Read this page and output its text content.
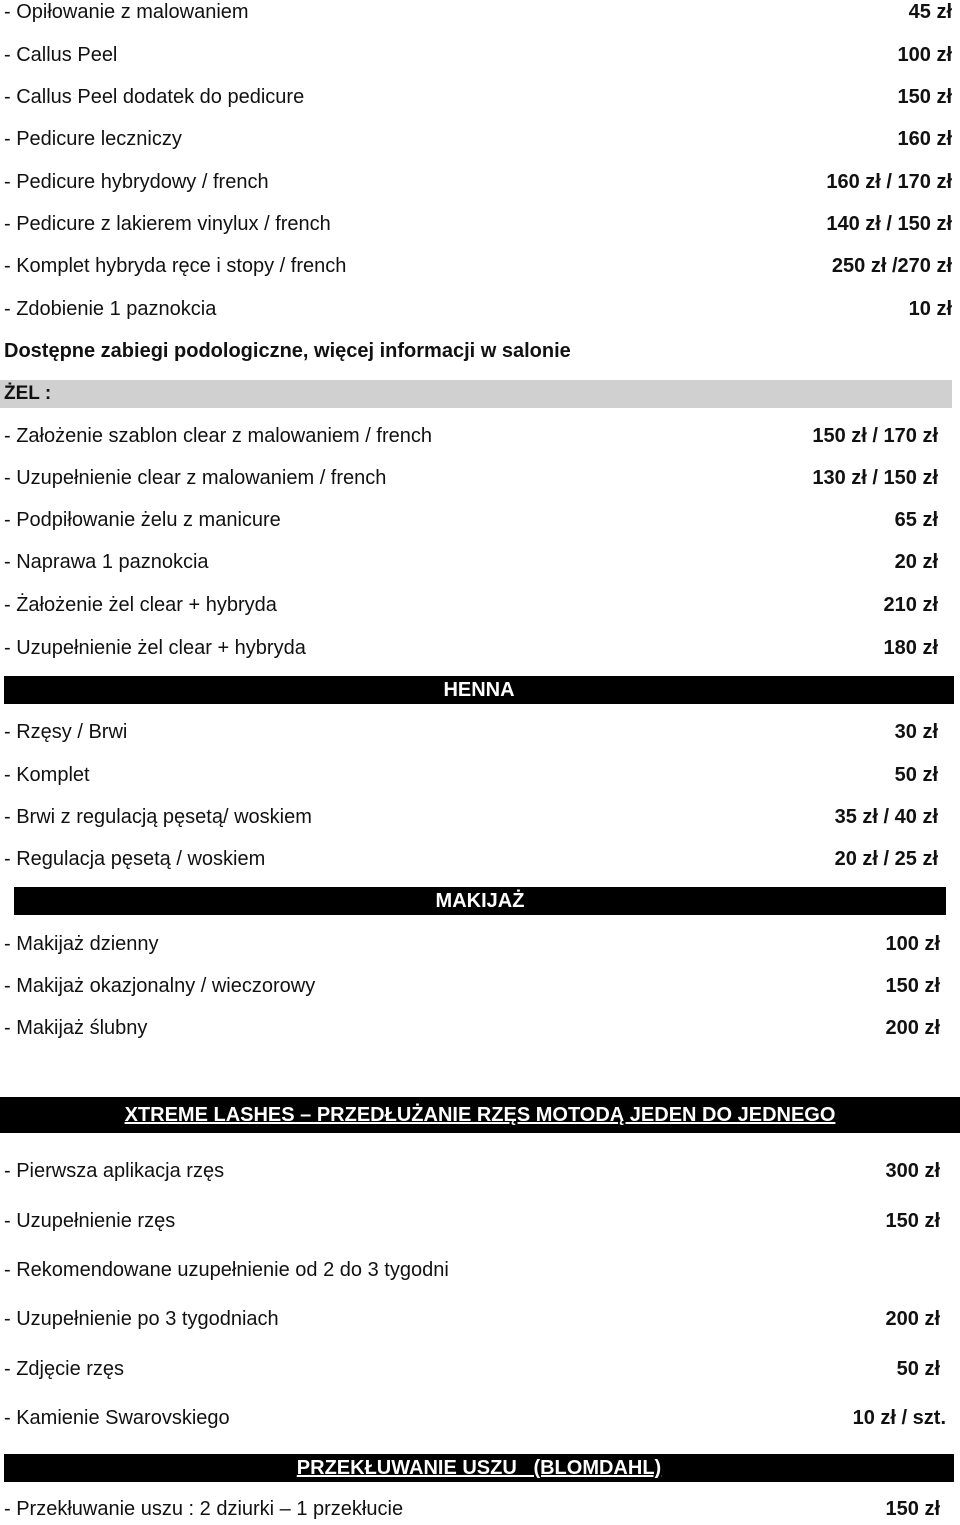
- Opiłowanie z malowaniem	45 zł
- Callus Peel	100 zł
- Callus Peel dodatek do pedicure	150 zł
- Pedicure leczniczy	160 zł
- Pedicure hybrydowy / french	160 zł / 170 zł
- Pedicure z lakierem vinylux / french	140 zł / 150 zł
- Komplet hybryda ręce i stopy / french	250 zł /270 zł
- Zdobienie 1 paznokcia	10 zł
Dostępne zabiegi podologiczne, więcej informacji w salonie
ŻEL :
- Założenie szablon clear z malowaniem / french	150 zł / 170 zł
- Uzupełnienie clear z malowaniem / french	130 zł / 150 zł
- Podpiłowanie żelu z manicure	65 zł
- Naprawa 1 paznokcia	20 zł
- Żałożenie żel clear + hybryda	210 zł
- Uzupełnienie żel clear + hybryda	180 zł
HENNA
- Rzęsy / Brwi	30 zł
- Komplet	50 zł
- Brwi z regulacją pęsetą/ woskiem	35 zł / 40 zł
- Regulacja pęsetą / woskiem	20 zł / 25 zł
MAKIJAŻ
- Makijaż dzienny	100 zł
- Makijaż okazjonalny / wieczorowy	150 zł
- Makijaż ślubny	200 zł
XTREME LASHES – PRZEDŁUŻANIE RZĘS MOTODĄ JEDEN DO JEDNEGO
- Pierwsza aplikacja rzęs	300 zł
- Uzupełnienie rzęs	150 zł
- Rekomendowane uzupełnienie od 2 do 3 tygodni
- Uzupełnienie po 3 tygodniach	200 zł
- Zdjęcie rzęs	50 zł
- Kamienie Swarovskiego	10 zł / szt.
PRZEKŁUWANIE USZU   (BLOMDAHL)
- Przekłuwanie uszu : 2 dziurki – 1 przekłucie	150 zł
